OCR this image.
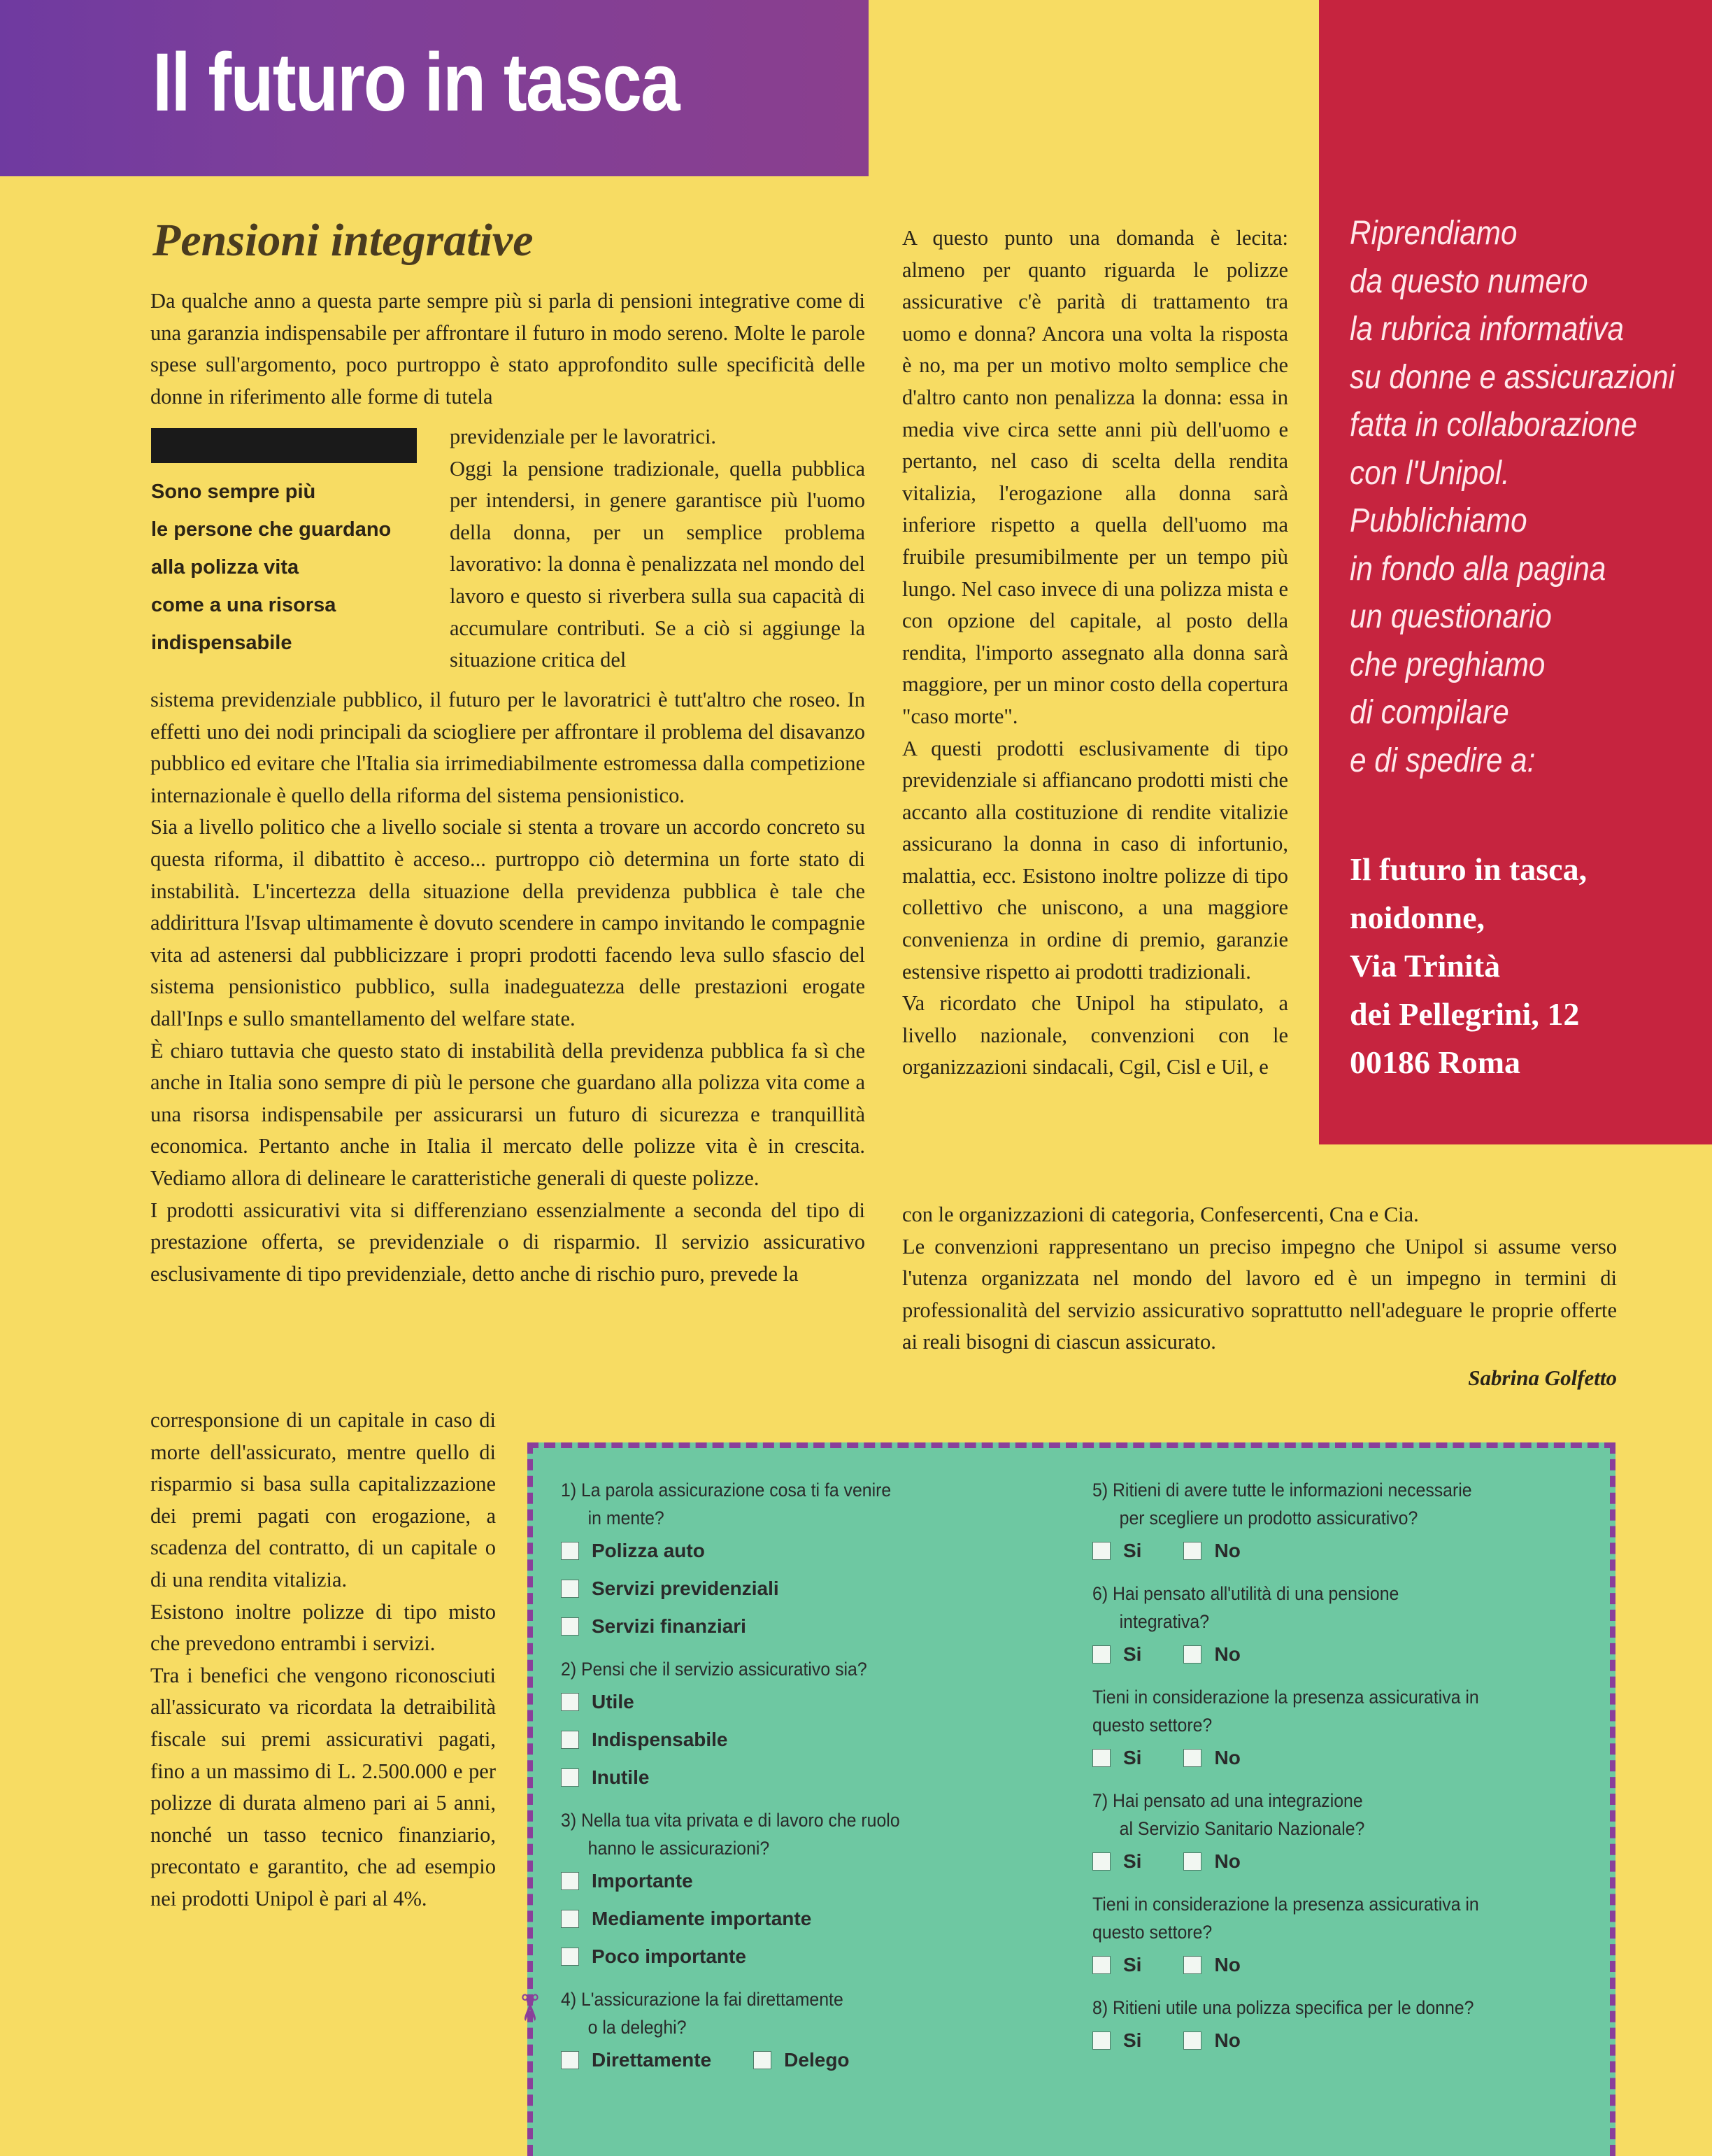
Il futuro in tasca
Riprendiamo
da questo numero
la rubrica informativa
su donne e assicurazioni
fatta in collaborazione
con l'Unipol.
Pubblichiamo
in fondo alla pagina
un questionario
che preghiamo
di compilare
e di spedire a:
Il futuro in tasca,
noidonne,
Via Trinità
dei Pellegrini, 12
00186 Roma
Pensioni integrative

Da qualche anno a questa parte sempre più si parla di pensioni integrative come di una garanzia indispensabile per affrontare il futuro in modo sereno. Molte le parole spese sull'argomento, poco purtroppo è stato approfondito sulle specificità delle donne in riferimento alle forme di tutela

Sono sempre più
le persone che guardano
alla polizza vita
come a una risorsa
indispensabile

previdenziale per le lavoratrici.

Oggi la pensione tradizionale, quella pubblica per intendersi, in genere garantisce più l'uomo della donna, per un semplice problema lavorativo: la donna è penalizzata nel mondo del lavoro e questo si riverbera sulla sua capacità di accumulare contributi. Se a ciò si aggiunge la situazione critica del

sistema previdenziale pubblico, il futuro per le lavoratrici è tutt'altro che roseo. In effetti uno dei nodi principali da sciogliere per affrontare il problema del disavanzo pubblico ed evitare che l'Italia sia irrimediabilmente estromessa dalla competizione internazionale è quello della riforma del sistema pensionistico.

Sia a livello politico che a livello sociale si stenta a trovare un accordo concreto su questa riforma, il dibattito è acceso... purtroppo ciò determina un forte stato di instabilità. L'incertezza della situazione della previdenza pubblica è tale che addirittura l'Isvap ultimamente è dovuto scendere in campo invitando le compagnie vita ad astenersi dal pubblicizzare i propri prodotti facendo leva sullo sfascio del sistema pensionistico pubblico, sulla inadeguatezza delle prestazioni erogate dall'Inps e sullo smantellamento del welfare state.

È chiaro tuttavia che questo stato di instabilità della previdenza pubblica fa sì che anche in Italia sono sempre di più le persone che guardano alla polizza vita come a una risorsa indispensabile per assicurarsi un futuro di sicurezza e tranquillità economica. Pertanto anche in Italia il mercato delle polizze vita è in crescita. Vediamo allora di delineare le caratteristiche generali di queste polizze.

I prodotti assicurativi vita si differenziano essenzialmente a seconda del tipo di prestazione offerta, se previdenziale o di risparmio. Il servizio assicurativo esclusivamente di tipo previdenziale, detto anche di rischio puro, prevede la

corresponsione di un capitale in caso di morte dell'assicurato, mentre quello di risparmio si basa sulla capitalizzazione dei premi pagati con erogazione, a scadenza del contratto, di un capitale o di una rendita vitalizia.

Esistono inoltre polizze di tipo misto che prevedono entrambi i servizi.

Tra i benefici che vengono riconosciuti all'assicurato va ricordata la detraibilità fiscale sui premi assicurativi pagati, fino a un massimo di L. 2.500.000 e per polizze di durata almeno pari ai 5 anni, nonché un tasso tecnico finanziario, precontato e garantito, che ad esempio nei prodotti Unipol è pari al 4%.

A questo punto una domanda è lecita: almeno per quanto riguarda le polizze assicurative c'è parità di trattamento tra uomo e donna? Ancora una volta la risposta è no, ma per un motivo molto semplice che d'altro canto non penalizza la donna: essa in media vive circa sette anni più dell'uomo e pertanto, nel caso di scelta della rendita vitalizia, l'erogazione alla donna sarà inferiore rispetto a quella dell'uomo ma fruibile presumibilmente per un tempo più lungo. Nel caso invece di una polizza mista e con opzione del capitale, al posto della rendita, l'importo assegnato alla donna sarà maggiore, per un minor costo della copertura "caso morte".

A questi prodotti esclusivamente di tipo previdenziale si affiancano prodotti misti che accanto alla costituzione di rendite vitalizie assicurano la donna in caso di infortunio, malattia, ecc. Esistono inoltre polizze di tipo collettivo che uniscono, a una maggiore convenienza in ordine di premio, garanzie estensive rispetto ai prodotti tradizionali.

Va ricordato che Unipol ha stipulato, a livello nazionale, convenzioni con le organizzazioni sindacali, Cgil, Cisl e Uil, e

con le organizzazioni di categoria, Confesercenti, Cna e Cia.

Le convenzioni rappresentano un preciso impegno che Unipol si assume verso l'utenza organizzata nel mondo del lavoro ed è un impegno in termini di professionalità del servizio assicurativo soprattutto nell'adeguare le proprie offerte ai reali bisogni di ciascun assicurato.

Sabrina Golfetto
1) La parola assicurazione cosa ti fa venire
in mente?
Polizza auto
Servizi previdenziali
Servizi finanziari
2) Pensi che il servizio assicurativo sia?
Utile
Indispensabile
Inutile
3) Nella tua vita privata e di lavoro che ruolo
hanno le assicurazioni?
Importante
Mediamente importante
Poco importante
4) L'assicurazione la fai direttamente
o la deleghi?
Direttamente	Delego
5) Ritieni di avere tutte le informazioni necessarie
per scegliere un prodotto assicurativo?
Si	No
6) Hai pensato all'utilità di una pensione
integrativa?
Si	No
Tieni in considerazione la presenza assicurativa in
questo settore?
Si	No
7) Hai pensato ad una integrazione
al Servizio Sanitario Nazionale?
Si	No
Tieni in considerazione la presenza assicurativa in
questo settore?
Si	No
8) Ritieni utile una polizza specifica per le donne?
Si	No
✂
